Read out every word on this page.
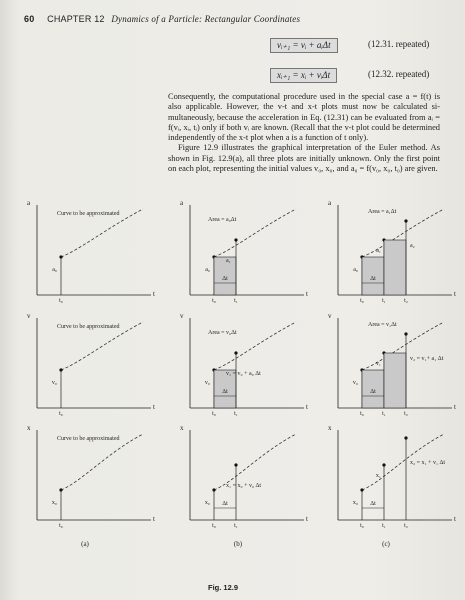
60 CHAPTER 12 Dynamics of a Particle: Rectangular Coordinates
vᵢ₊₁ = vᵢ + aᵢΔt	(12.31. repeated)
xᵢ₊₁ = xᵢ + vᵢΔt	(12.32. repeated)

Consequently, the computational procedure used in the special case a = f(t) is also applicable. However, the v-t and x-t plots must now be calculated si-multaneously, because the acceleration in Eq. (12.31) can be evaluated from aᵢ = f(vᵢ, xᵢ, tᵢ) only if both vᵢ are known. (Recall that the v-t plot could be determined independently of the x-t plot when a is a function of t only).

Figure 12.9 illustrates the graphical interpretation of the Euler method. As shown in Fig. 12.9(a), all three plots are initially unknown. Only the first point on each plot, representing the initial values v₀, x₀, and a₀ = f(v₀, x₀, t₀) are given.

a
t
a₀
t₀
Curve to be approximated
a
t
a₀
t₀	t₁
Δt
Area = a₀Δt
a₁
a
t
a₀
t₀	t₁
Δt
t₂
a₁
Area = a₁Δt
a₂
v
t
v₀
t₀
Curve to be approximated
v
t
v₀
t₀	t₁
Δt
Area = v₀Δt
v₁ = v₀ + a₀ Δt
v
t
v₀
t₀	t₁
Δt
t₂
v₁
Area = v₁Δt
v₂ = v₁+ a₁ Δt
x
t
x₀
t₀
Curve to be approximated
x
t
x₀
t₀	t₁
Δt
x₁ = x₀ + v₀ Δt
x
t
x₀
t₀	t₁
Δt
t₂
x₁
x₂ = x₁ + v₁ Δt
(a)	(b)	(c)
Fig. 12.9
